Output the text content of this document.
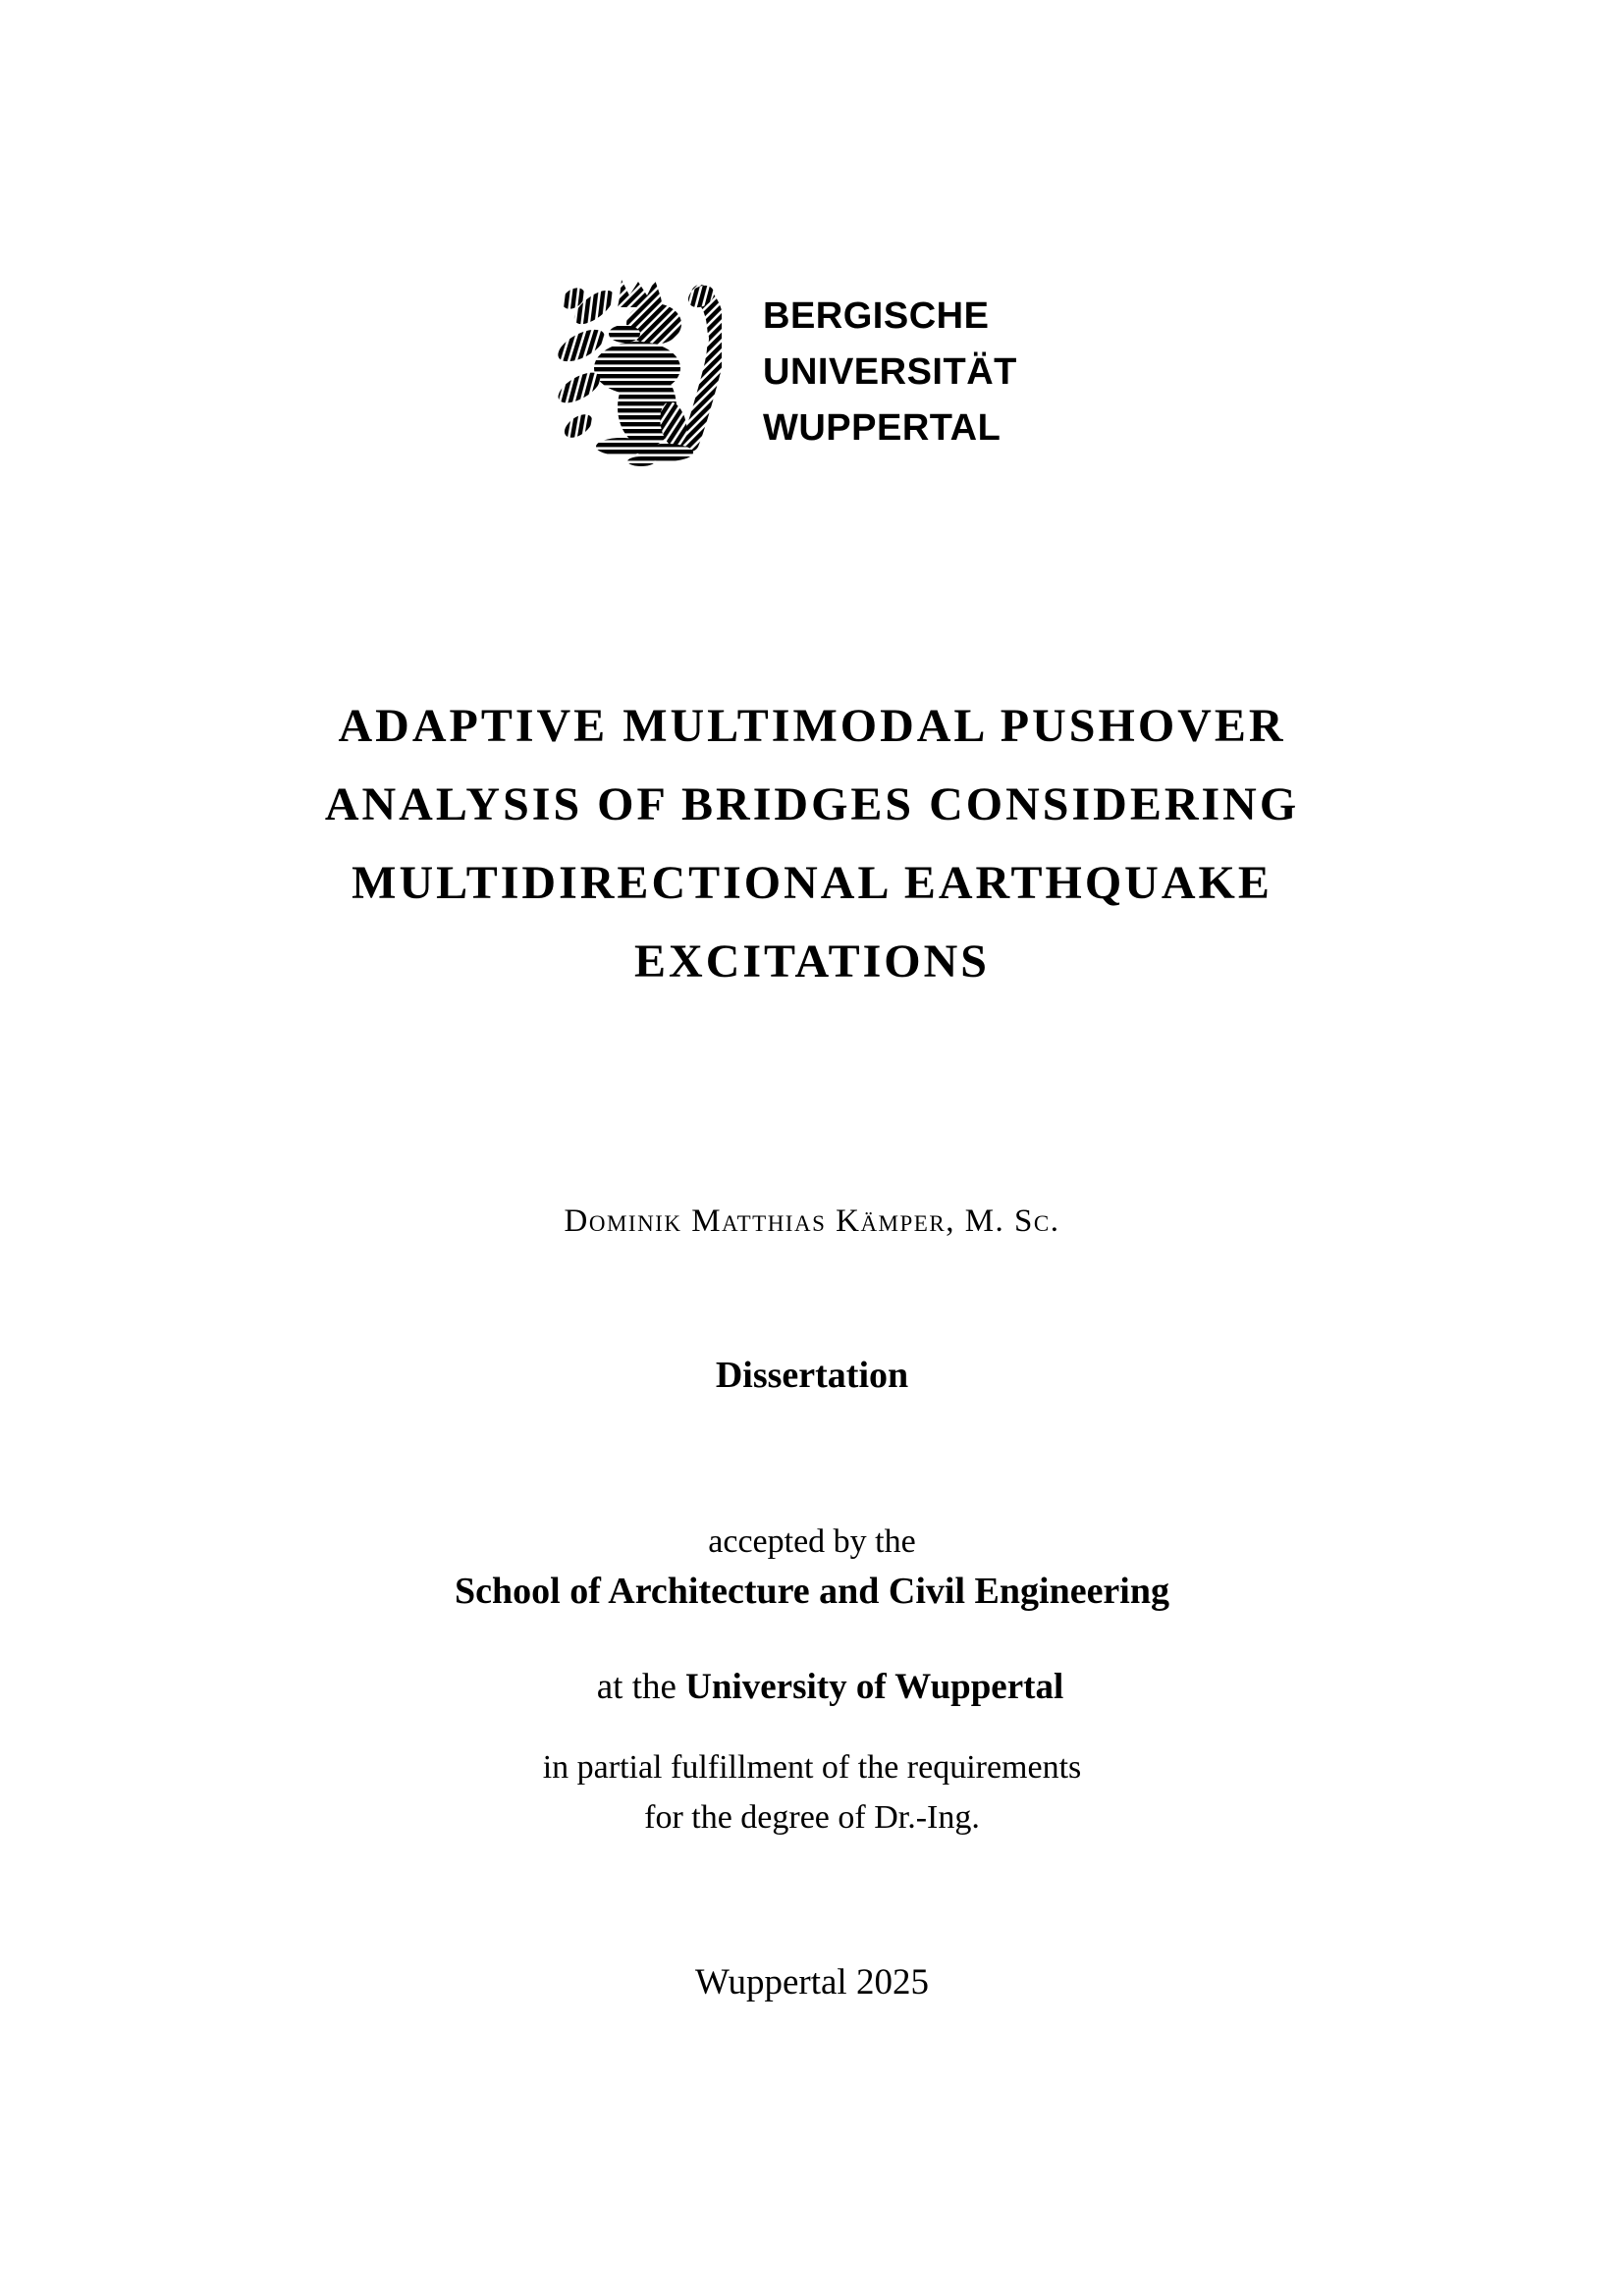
BERGISCHE
UNIVERSITÄT
WUPPERTAL
ADAPTIVE MULTIMODAL PUSHOVER
ANALYSIS OF BRIDGES CONSIDERING
MULTIDIRECTIONAL EARTHQUAKE
EXCITATIONS
Dominik Matthias Kämper, M. Sc.
Dissertation
accepted by the
School of Architecture and Civil Engineering

at the University of Wuppertal

in partial fulfillment of the requirements
for the degree of Dr.-Ing.
Wuppertal 2025
